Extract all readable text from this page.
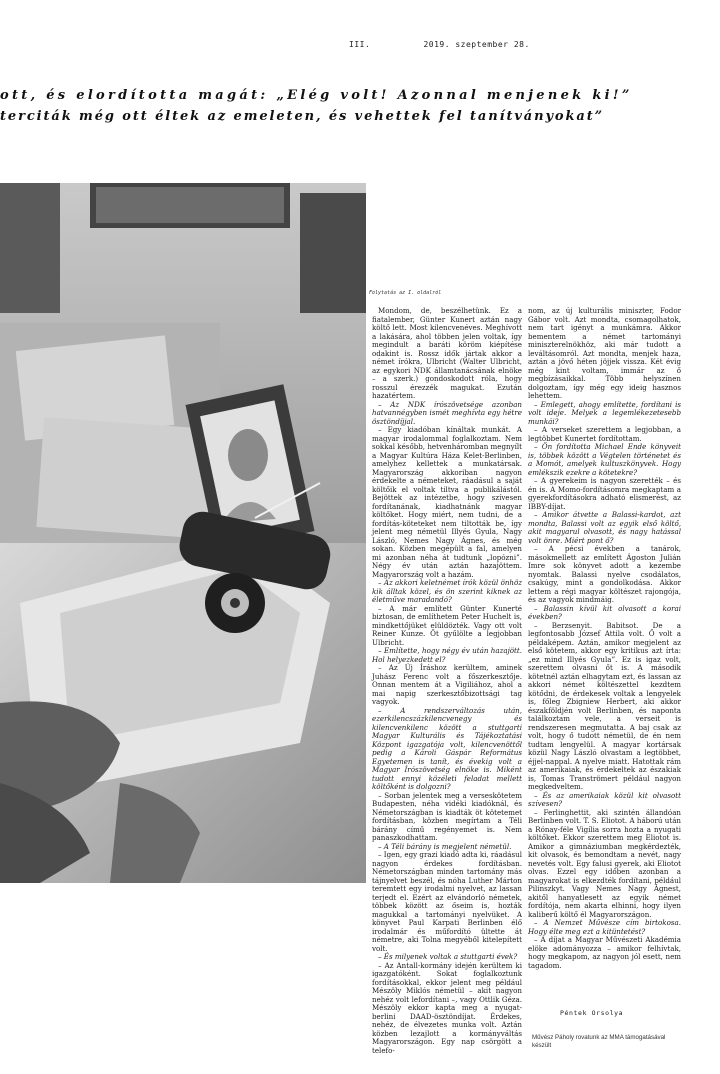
III.	2019. szeptember 28.
ott, és elordította magát: „Elég volt! Azonnal menjenek ki!”
terciták még ott éltek az emeleten, és vehettek fel tanítványokat”
Folytatás az I. oldalról

Mondom, de, beszélhetünk. Ez a fiatalember, Günter Kunert aztán nagy költő lett. Most kilencvenéves. Meghívott a lakására, ahol többen jelen voltak, így megindult a baráti köröm kiépítése odakint is. Rossz idők jártak akkor a német írókra, Ulbricht (Walter Ulbricht, az egykori NDK államtanácsának elnöke – a szerk.) gondoskodott róla, hogy rosszul érezzék magukat. Ezután hazatértem.

– Az NDK írószövetsége azonban hatvannégyben ismét meghívta egy hétre ösztöndíjjal.

– Egy kiadóban kínáltak munkát. A magyar irodalommal foglalkoztam. Nem sokkal később, hetvenháromban megnyílt a Magyar Kultúra Háza Kelet-Berlinben, amelyhez kellettek a munkatársak. Magyarország akkoriban nagyon érdekelte a németeket, ráadásul a saját költőik el voltak tiltva a publikálástól. Bejöttek az intézetbe, hogy szívesen fordítanának, kiadhatnánk magyar költőket. Hogy miért, nem tudni, de a fordítás-köteteket nem tiltották be, így jelent meg németül Illyés Gyula, Nagy László, Nemes Nagy Ágnes, és még sokan. Közben megépült a fal, amelyen mi azonban néha át tudtunk „lopózni”. Négy év után aztán hazajöttem. Magyarország volt a hazám.

– Az akkori keletnémet írók közül önhöz kik álltak közel, és ön szerint kiknek az életműve maradandó?

– A már említett Günter Kunerté biztosan, de említhetem Peter Huchelt is, mindkettőjüket elüldözték. Vagy ott volt Reiner Kunze. Őt gyűlölte a legjobban Ulbricht.

– Említette, hogy négy év után hazajött. Hol helyezkedett el?

– Az Új Íráshoz kerültem, aminek Juhász Ferenc volt a főszerkesztője. Onnan mentem át a Vigiliához, ahol a mai napig szerkesztőbizottsági tag vagyok.

– A rendszerváltozás után, ezerkilencszázkilencvenegy és kilencvenkilenc között a stuttgarti Magyar Kulturális és Tájékoztatási Központ igazgatója volt, kilencvenöttől pedig a Károli Gáspár Református Egyetemen is tanít, és évekig volt a Magyar Írószövetség elnöke is. Miként tudott ennyi közéleti feladat mellett költőként is dolgozni?

– Sorban jelentek meg a verseskötetem Budapesten, néha vidéki kiadóknál, és Németországban is kiadták öt kötetemet fordításban, közben megírtam a Téli bárány című regényemet is. Nem panaszkodhattam.

– A Téli bárány is megjelent németül.

– Igen, egy grazi kiadó adta ki, ráadásul nagyon érdekes fordításban. Németországban minden tartomány más tájnyelvet beszél, és nóha Luther Márton teremtett egy irodalmi nyelvet, az lassan terjedt el. Ezért az elvándorló németek, többek között az őseim is, hozták magukkal a tartományi nyelvüket. A könyvet Paul Karpati Berlinben élő irodalmár és műfordító ültette át németre, aki Tolna megyéből kitelepített volt.

– És milyenek voltak a stuttgarti évek?

– Az Antall-kormány idején kerültem ki igazgatóként. Sokat foglalkoztunk fordításokkal, ekkor jelent meg például Mészöly Miklós németül – akit nagyon nehéz volt lefordítani –, vagy Ottlik Géza. Mészöly ekkor kapta meg a nyugat-berlini DAAD-ösztöndíjat. Érdekes, nehéz, de élvezetes munka volt. Aztán közben lezajlott a kormányváltás Magyarországon. Egy nap csörgött a telefo-

nom, az új kulturális miniszter, Fodor Gábor volt. Azt mondta, csomagolhatok, nem tart igényt a munkámra. Akkor bementem a német tartományi miniszterelnökhöz, aki már tudott a leváltásomról. Azt mondta, menjek haza, aztán a jövő héten jöjjek vissza. Két évig még kint voltam, immár az ő megbízásaikkal. Több helyszínen dolgoztam, így még egy ideig hasznos lehettem.

– Emlegett, ahogy említette, fordítani is volt ideje. Melyek a legemlékezetesebb munkái?

– A verseket szerettem a legjobban, a legtöbbet Kunertet fordítottam.

– Ön fordította Michael Ende könyveit is, többek között a Végtelen történetet és a Momót, amelyek kultuszkönyvek. Hogy emlékszik ezekre a kötetekre?

– A gyerekeim is nagyon szerették – és én is. A Momo-fordításomra megkaptam a gyerekfordításokra adható elismerést, az IBBY-díjat.

– Amikor átvette a Balassi-kardot, azt mondta, Balassi volt az egyik első költő, akit magyarul olvasott, és nagy hatással volt önre. Miért pont ő?

– A pécsi években a tanárok, másokmellett az említett Ágoston Julián Imre sok könyvet adott a kezembe nyomtak. Balassi nyelve csodálatos, csakúgy, mint a gondolkodása. Akkor lettem a régi magyar költészet rajongója, és az vagyok mindmáig.

– Balassin kívül kit olvasott a korai években?

– Berzsenyit. Babitsot. De a legfontosabb József Attila volt. Ő volt a példaképem. Aztán, amikor megjelent az első kötetem, akkor egy kritikus azt írta: „ez mind Illyés Gyula”. Ez is igaz volt, szerettem olvasni őt is. A második kötetnél aztán elhagytam ezt, és lassan az akkori német költészettel kezdtem kötődni, de érdekesek voltak a lengyelek is, főleg Zbigniew Herbert, aki akkor északföldjén volt Berlinben, és naponta találkoztam vele, a verseit is rendszeresen megmutatta. A baj csak az volt, hogy ő tudott németül, de én nem tudtam lengyelül. A magyar kortársak közül Nagy László olvastam a legtöbbet, éjjel-nappal. A nyelve miatt. Hatottak rám az amerikaiak, és érdekeltek az északiak is, Tomas Tranströmert például nagyon megkedveltem.

– És az amerikaiak közül kit olvasott szívesen?

– Ferlinghettit, aki szintén állandóan Berlinben volt. T. S. Eliotot. A háború után a Rónay-féle Vigília sorra hozta a nyugati költőket. Ekkor szerettem meg Eliotot is. Amikor a gimnáziumban megkérdezték, kit olvasok, és bemondtam a nevét, nagy nevetés volt. Egy falusi gyerek, aki Eliotot olvas. Ezzel egy időben azonban a magyarokat is elkezdték fordítani, például Pilinszkyt. Vagy Nemes Nagy Ágnest, akitől hanyatlesett az egyik német fordítója, nem akarta elhinni, hogy ilyen kaliberű költő él Magyarországon.

– A Nemzet Művésze cím birtokosa. Hogy élte meg ezt a kitüntetést?

– A díjat a Magyar Művészeti Akadémia elöke adományozza – amikor felhívtak, hogy megkapom, az nagyon jól esett, nem tagadom.

Péntek Orsolya
Művész Páholy rovatunk az MMA támogatásával készült
